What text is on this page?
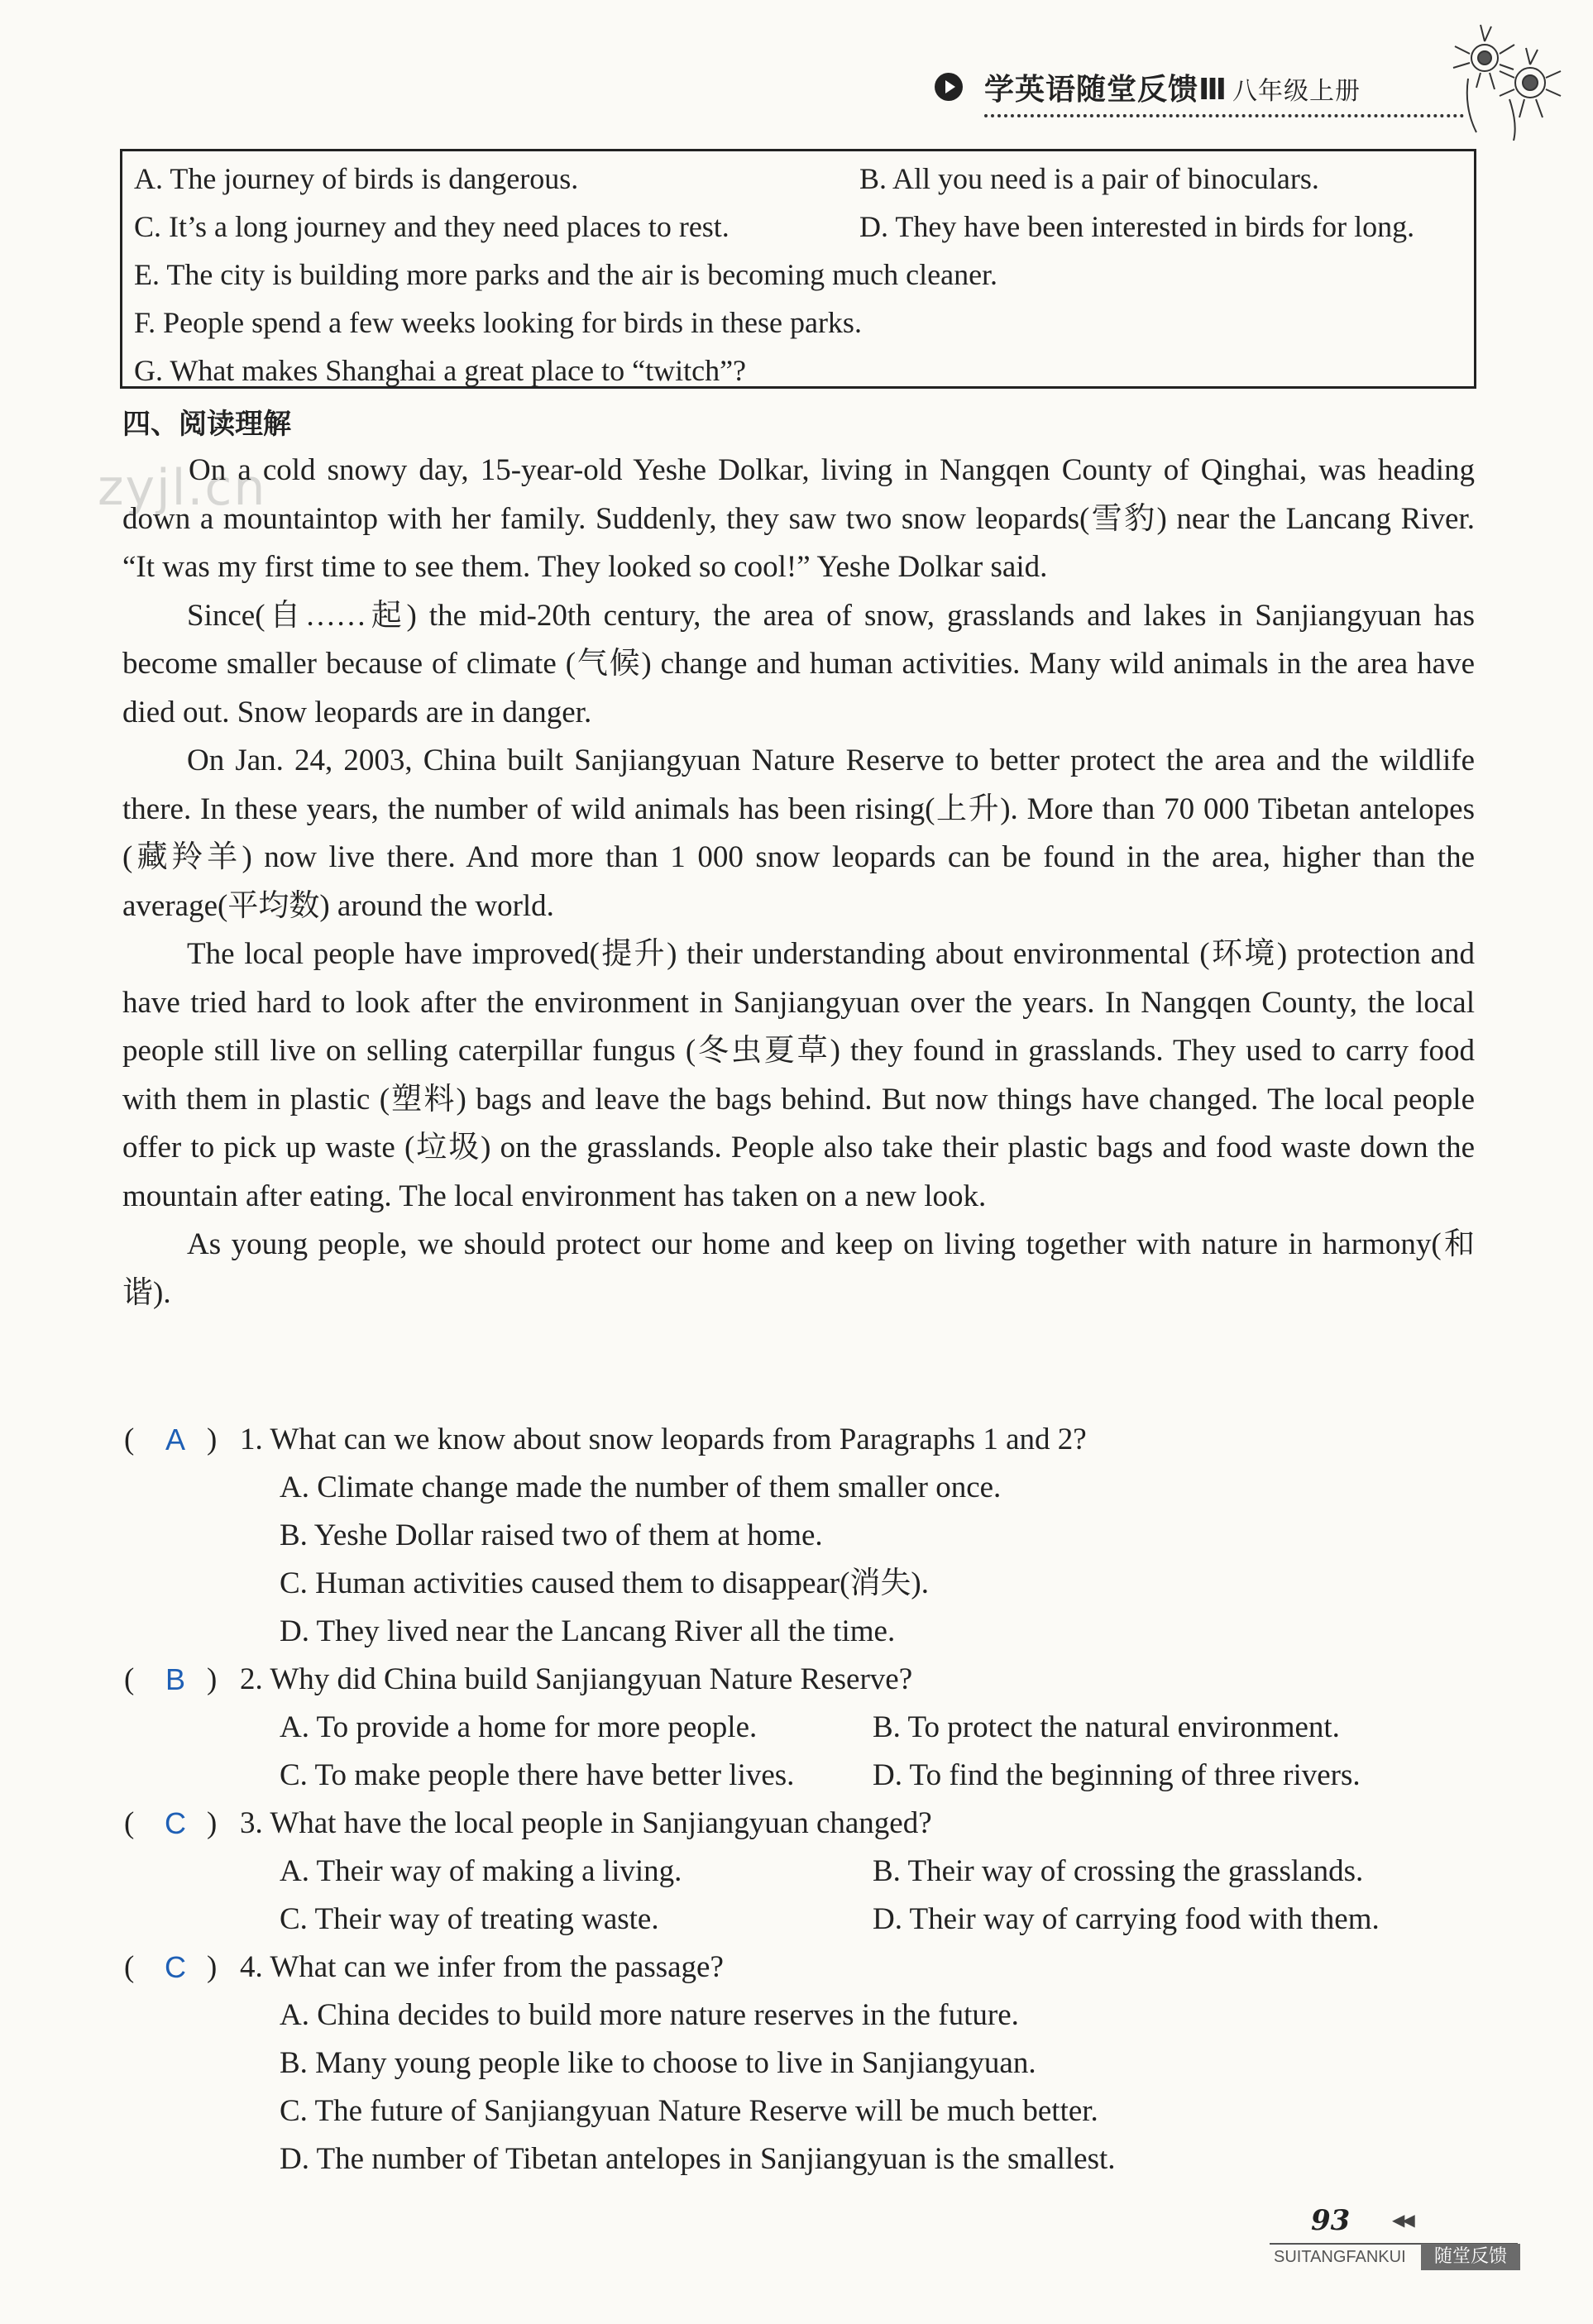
学英语随堂反馈Ⅲ 八年级上册
A. The journey of birds is dangerous.	B. All you need is a pair of binoculars.
C. It’s a long journey and they need places to rest.	D. They have been interested in birds for long.
E. The city is building more parks and the air is becoming much cleaner.
F. People spend a few weeks looking for birds in these parks.
G. What makes Shanghai a great place to “twitch”?
四、阅读理解
zyjl.cn

On a cold snowy day, 15-year-old Yeshe Dolkar, living in Nangqen County of Qinghai, was heading down a mountaintop with her family. Suddenly, they saw two snow leopards(雪豹) near the Lancang River. “It was my first time to see them. They looked so cool!” Yeshe Dolkar said.

Since(自……起) the mid-20th century, the area of snow, grasslands and lakes in Sanjiangyuan has become smaller because of climate (气候) change and human activities. Many wild animals in the area have died out. Snow leopards are in danger.

On Jan. 24, 2003, China built Sanjiangyuan Nature Reserve to better protect the area and the wildlife there. In these years, the number of wild animals has been rising(上升). More than 70 000 Tibetan antelopes (藏羚羊) now live there. And more than 1 000 snow leopards can be found in the area, higher than the average(平均数) around the world.

The local people have improved(提升) their understanding about environmental (环境) protection and have tried hard to look after the environment in Sanjiangyuan over the years. In Nangqen County, the local people still live on selling caterpillar fungus (冬虫夏草) they found in grasslands. They used to carry food with them in plastic (塑料) bags and leave the bags behind. But now things have changed. The local people offer to pick up waste (垃圾) on the grasslands. People also take their plastic bags and food waste down the mountain after eating. The local environment has taken on a new look.

As young people, we should protect our home and keep on living together with nature in harmony(和谐).

( A ) 1. What can we know about snow leopards from Paragraphs 1 and 2?
A. Climate change made the number of them smaller once.
B. Yeshe Dollar raised two of them at home.
C. Human activities caused them to disappear(消失).
D. They lived near the Lancang River all the time.
( B ) 2. Why did China build Sanjiangyuan Nature Reserve?
A. To provide a home for more people.	B. To protect the natural environment.
C. To make people there have better lives.	D. To find the beginning of three rivers.
( C ) 3. What have the local people in Sanjiangyuan changed?
A. Their way of making a living.	B. Their way of crossing the grasslands.
C. Their way of treating waste.	D. Their way of carrying food with them.
( C ) 4. What can we infer from the passage?
A. China decides to build more nature reserves in the future.
B. Many young people like to choose to live in Sanjiangyuan.
C. The future of Sanjiangyuan Nature Reserve will be much better.
D. The number of Tibetan antelopes in Sanjiangyuan is the smallest.
93	◀◀
SUITANGFANKUI	随堂反馈
